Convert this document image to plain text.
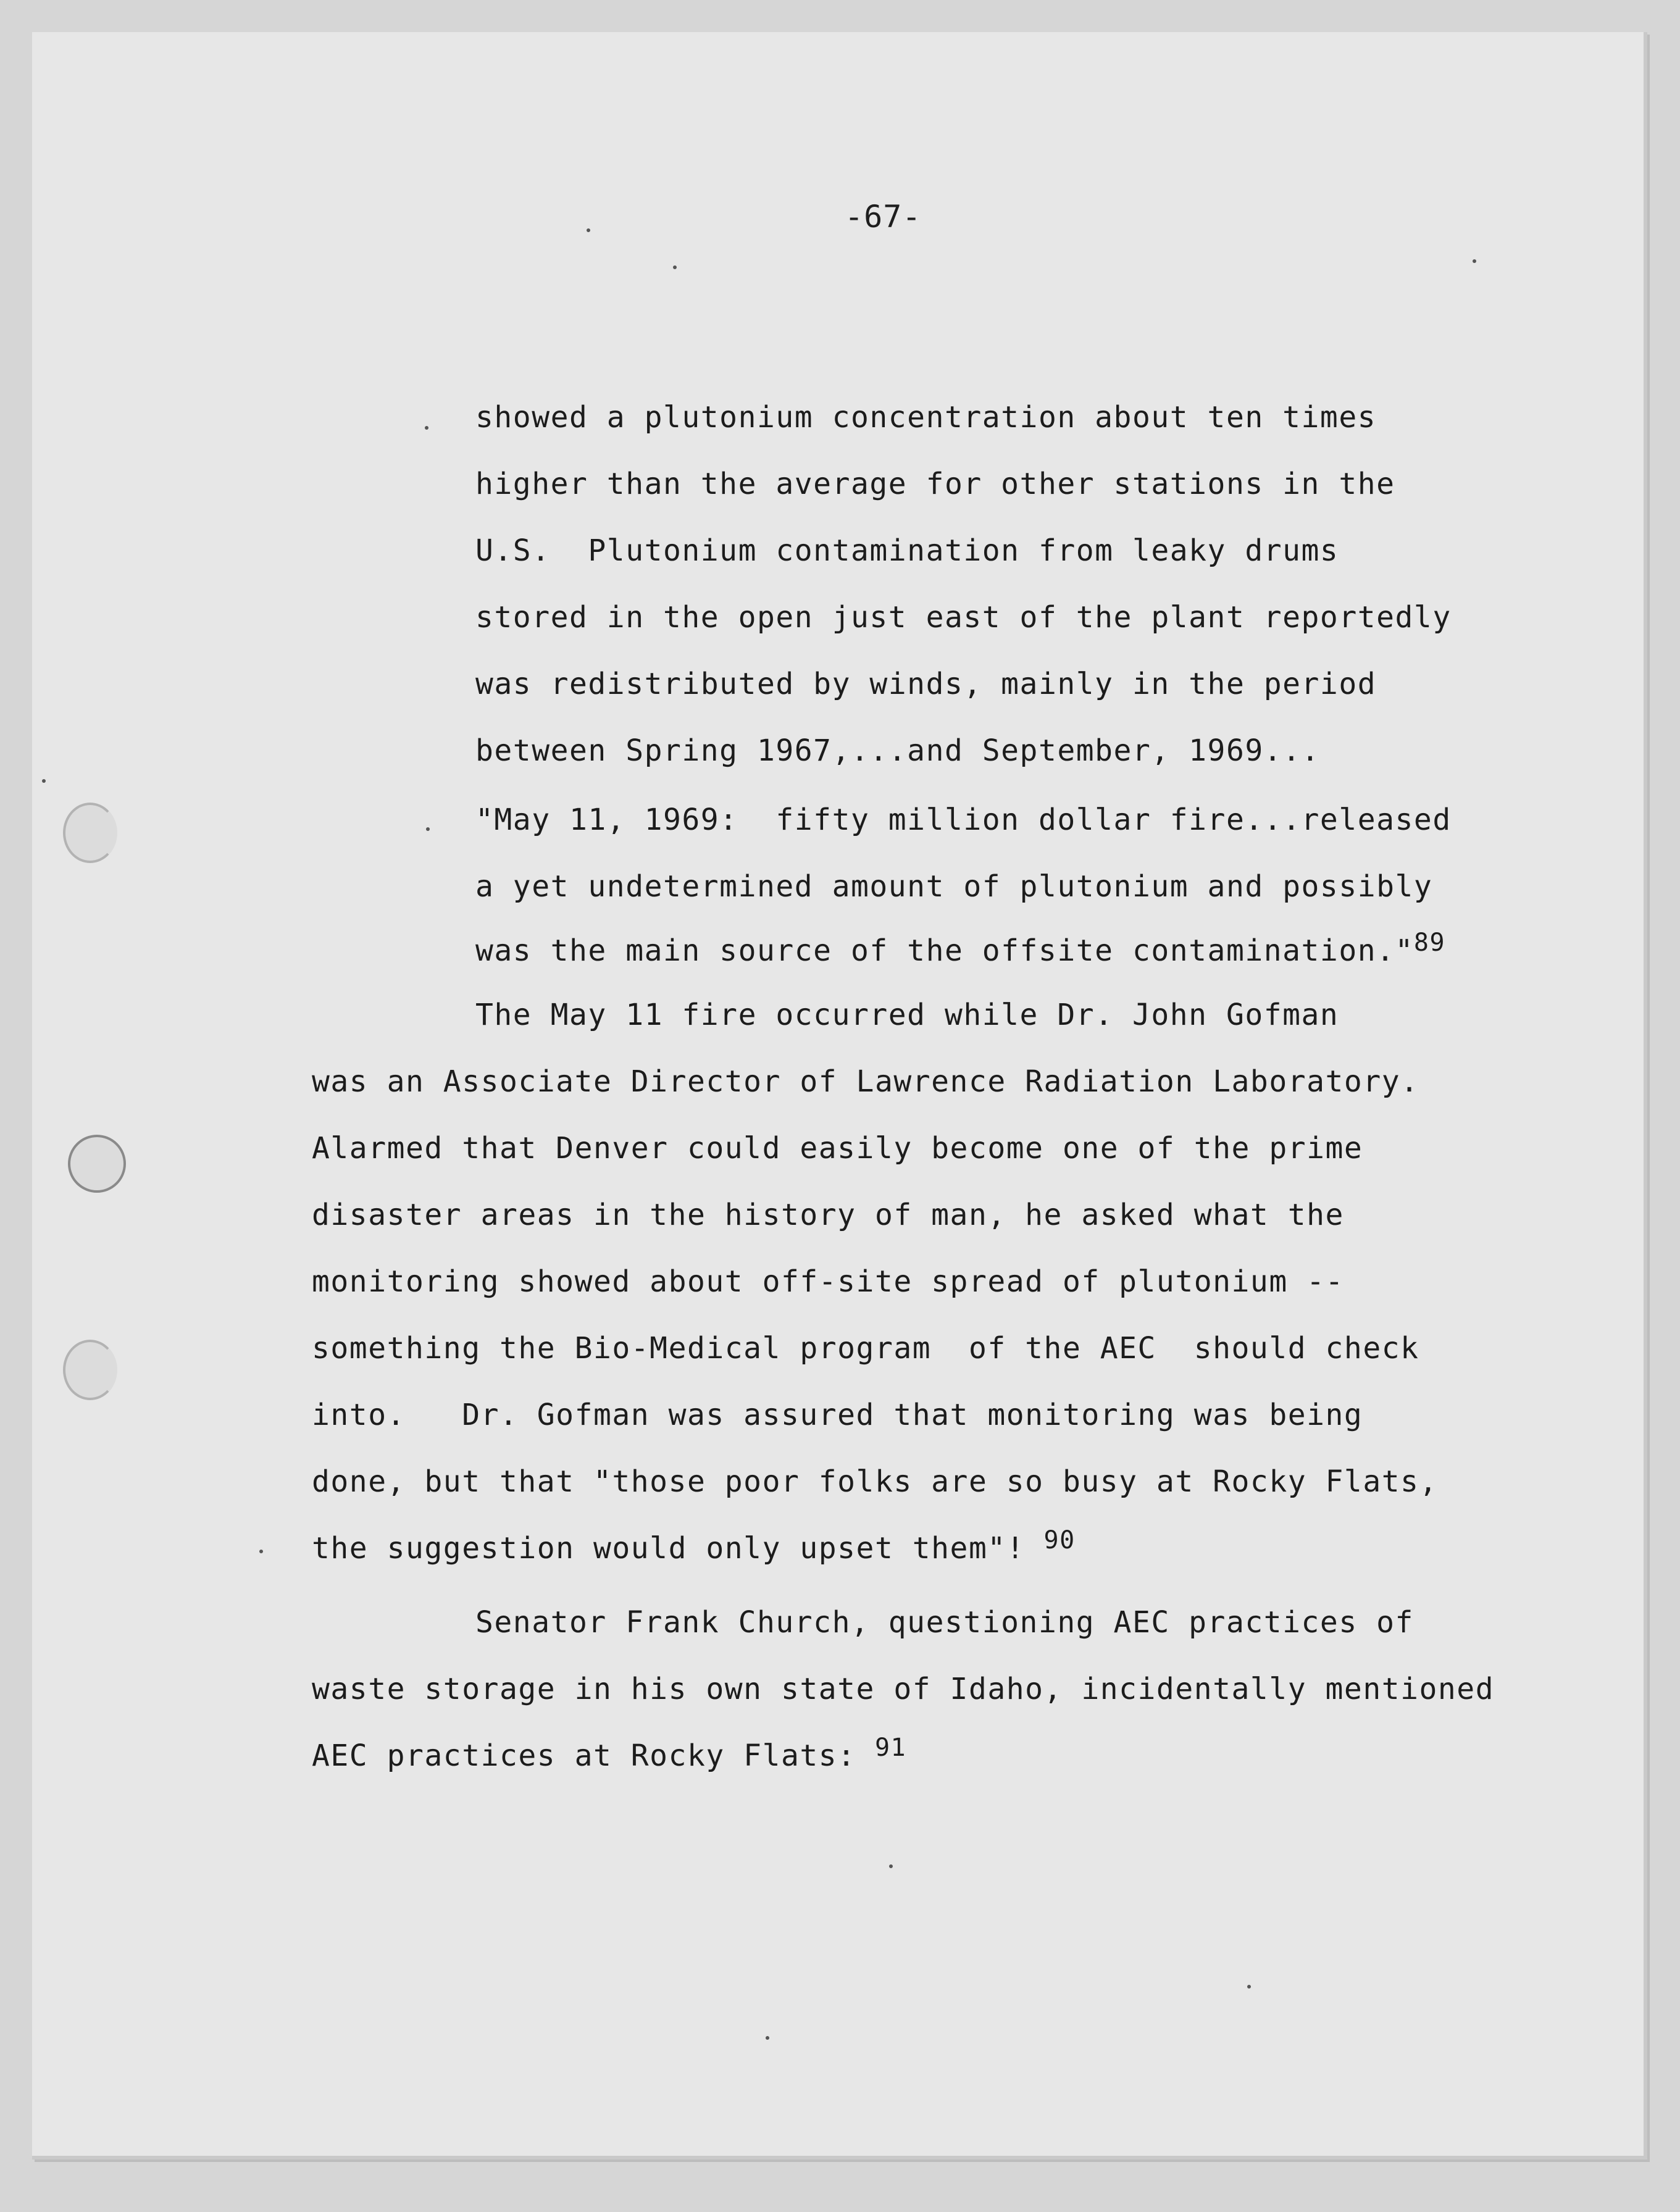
-67-
showed a plutonium concentration about ten times
higher than the average for other stations in the
U.S.  Plutonium contamination from leaky drums
stored in the open just east of the plant reportedly
was redistributed by winds, mainly in the period
between Spring 1967,...and September, 1969...
"May 11, 1969:  fifty million dollar fire...released
a yet undetermined amount of plutonium and possibly
was the main source of the offsite contamination."$^{89}$
The May 11 fire occurred while Dr. John Gofman
was an Associate Director of Lawrence Radiation Laboratory.
Alarmed that Denver could easily become one of the prime
disaster areas in the history of man, he asked what the
monitoring showed about off-site spread of plutonium --
something the Bio-Medical program  of the AEC  should check
into.   Dr. Gofman was assured that monitoring was being
done, but that "those poor folks are so busy at Rocky Flats,
the suggestion would only upset them"! $^{90}$
Senator Frank Church, questioning AEC practices of
waste storage in his own state of Idaho, incidentally mentioned
AEC practices at Rocky Flats: $^{91}$
